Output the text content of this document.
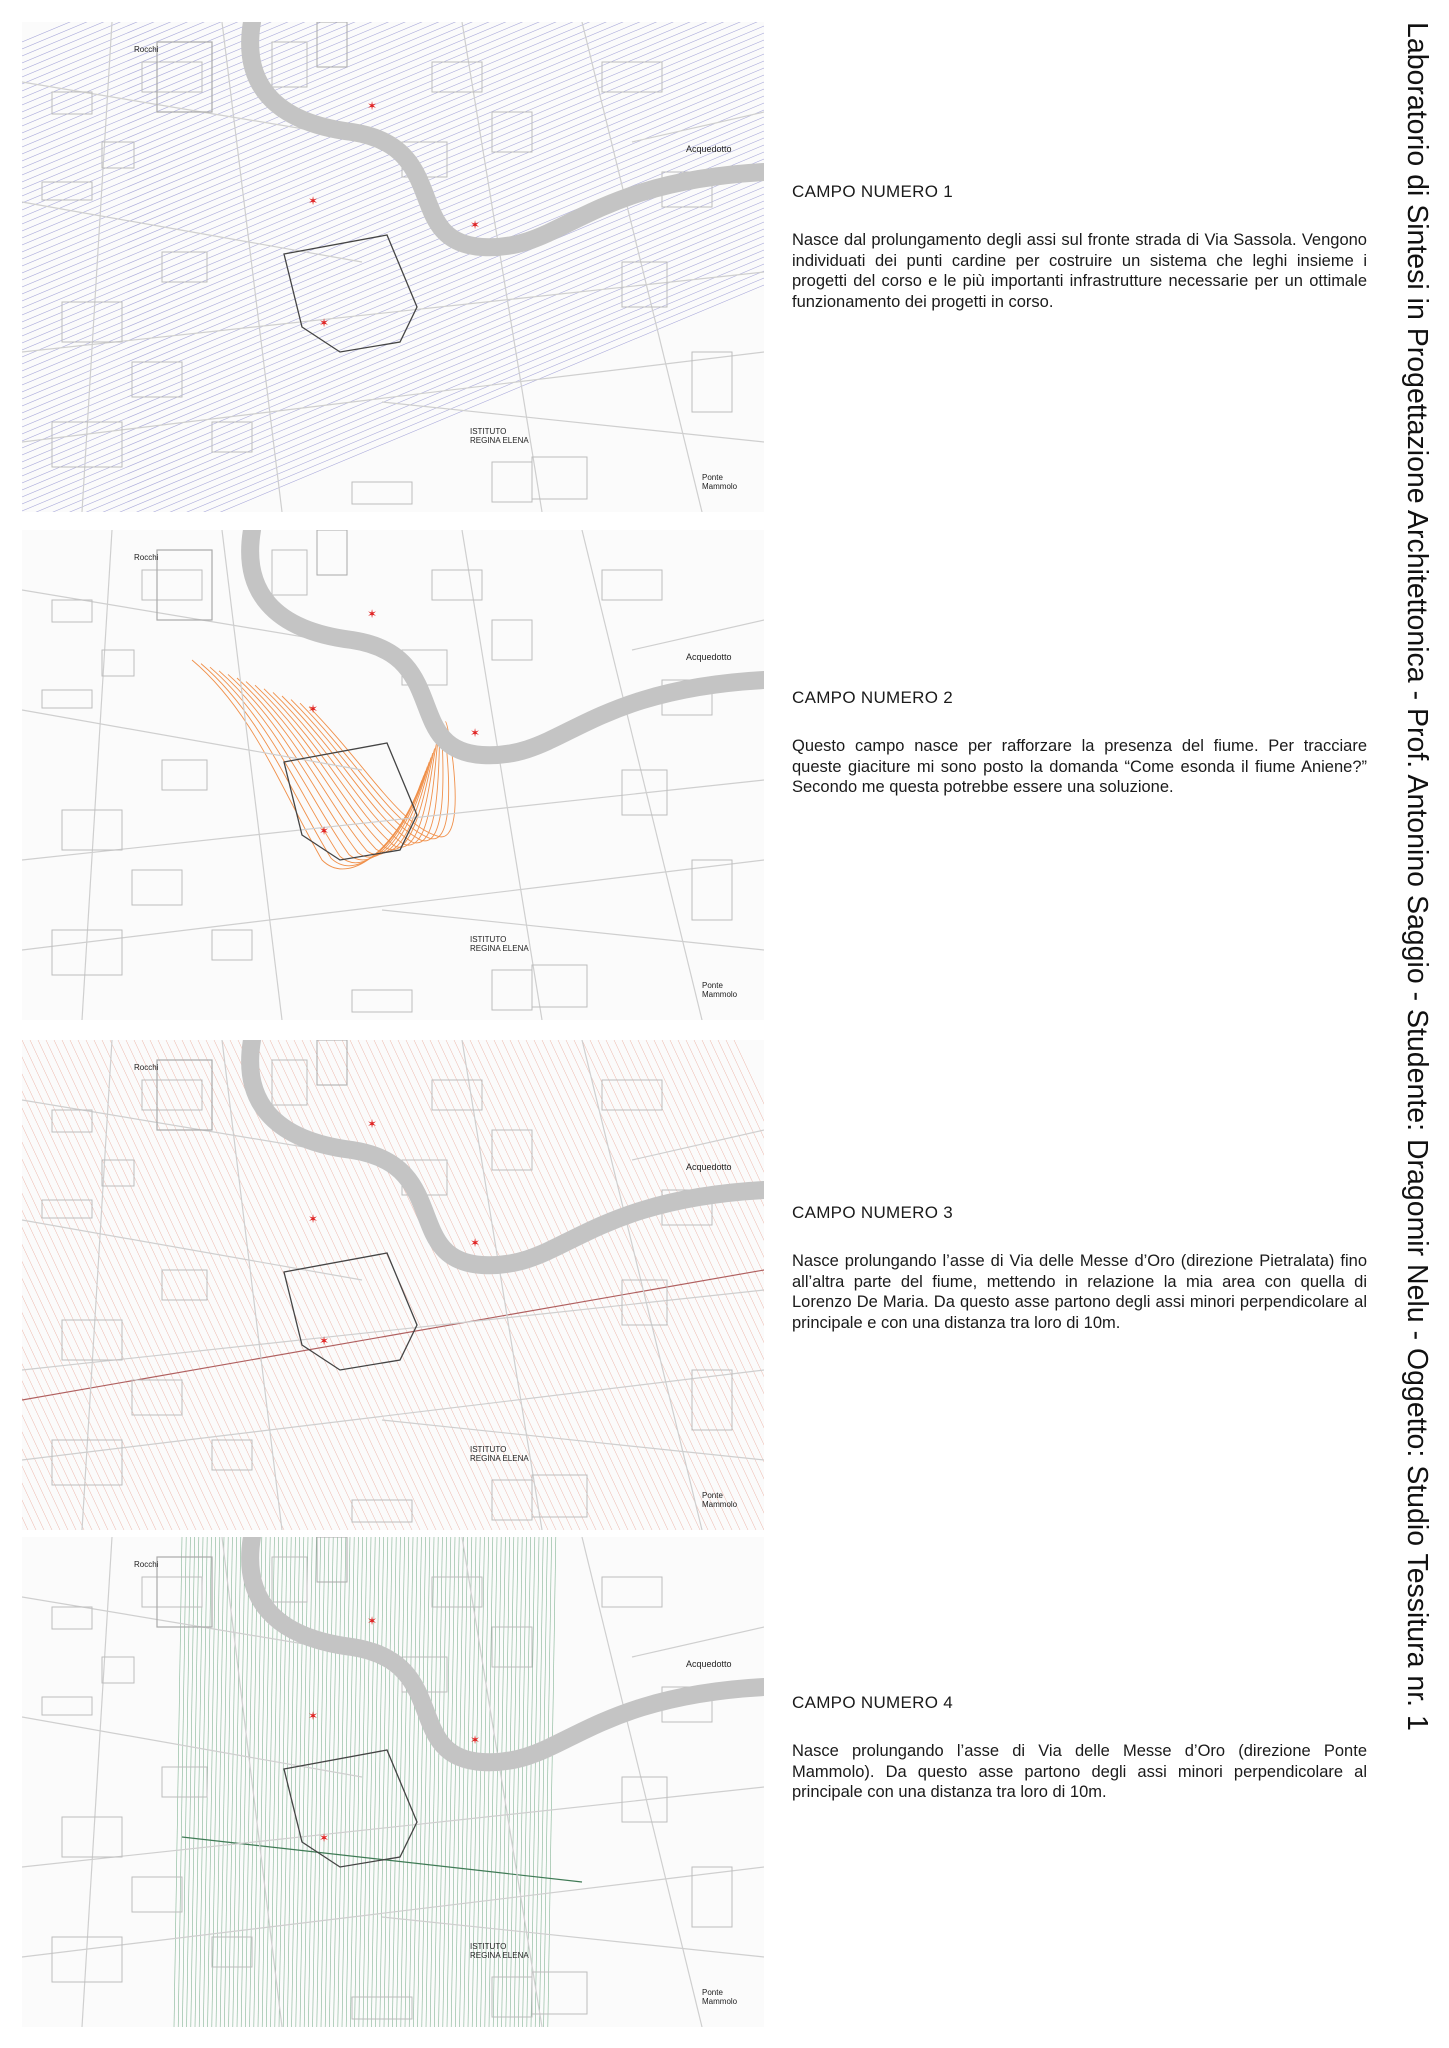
Laboratorio di Sintesi in Progettazione Architettonica - Prof. Antonino Saggio - Studente: Dragomir Nelu - Oggetto: Studio Tessitura nr. 1
✶
✶
✶
✶
ISTITUTO
REGINA ELENA
Acquedotto
Ponte
Mammolo
Rocchi
CAMPO NUMERO 1

Nasce dal prolungamento degli assi sul fronte strada di Via Sassola. Vengono individuati dei punti cardine per costruire un sistema che leghi insieme i progetti del corso e le più importanti infrastrutture necessarie per un ottimale funzionamento dei progetti in corso.

✶
✶
✶
✶
ISTITUTO
REGINA ELENA
Acquedotto
Ponte
Mammolo
Rocchi
CAMPO NUMERO 2

Questo campo nasce per rafforzare la presenza del fiume. Per tracciare queste giaciture mi sono posto la domanda “Come esonda il fiume Aniene?” Secondo me questa potrebbe essere una soluzione.

✶
✶
✶
✶
ISTITUTO
REGINA ELENA
Acquedotto
Ponte
Mammolo
Rocchi
CAMPO NUMERO 3

Nasce prolungando l’asse di Via delle Messe d’Oro (direzione Pietralata) fino all’altra parte del fiume, mettendo in relazione la mia area con quella di Lorenzo De Maria. Da questo asse partono degli assi minori perpendicolare al principale e con una distanza tra loro di 10m.

✶
✶
✶
✶
ISTITUTO
REGINA ELENA
Acquedotto
Ponte
Mammolo
Rocchi
CAMPO NUMERO 4

Nasce prolungando l’asse di Via delle Messe d’Oro (direzione Ponte Mammolo). Da questo asse partono degli assi minori perpendicolare al principale con una distanza tra loro di 10m.
